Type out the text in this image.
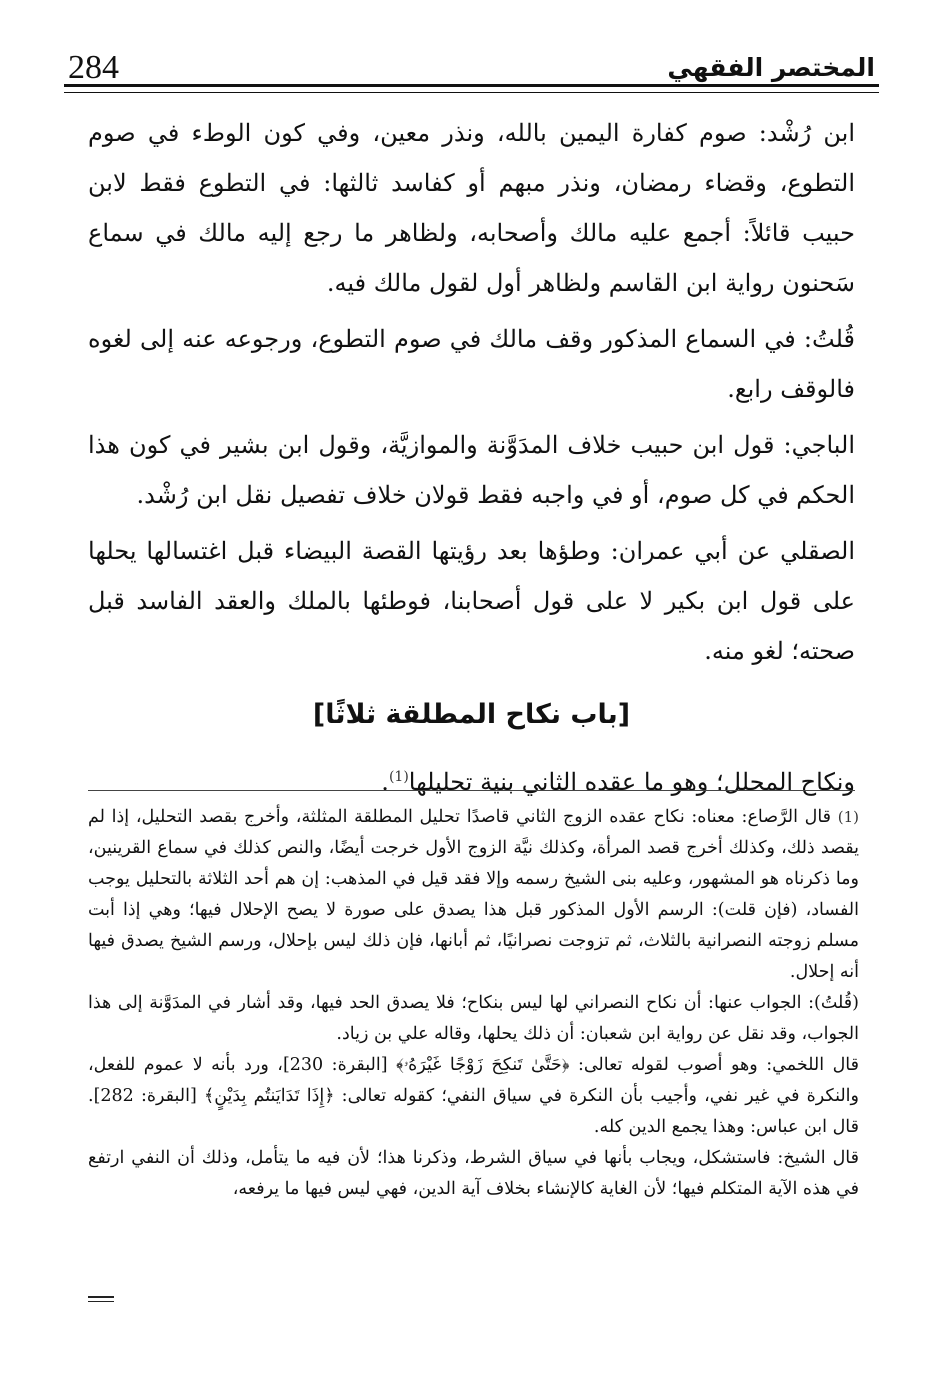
284	المختصر الفقهي

ابن رُشْد: صوم كفارة اليمين بالله، ونذر معين، وفي كون الوطء في صوم التطوع، وقضاء رمضان، ونذر مبهم أو كفاسد ثالثها: في التطوع فقط لابن حبيب قائلاً: أجمع عليه مالك وأصحابه، ولظاهر ما رجع إليه مالك في سماع سَحنون رواية ابن القاسم ولظاهر أول لقول مالك فيه.

قُلتُ: في السماع المذكور وقف مالك في صوم التطوع، ورجوعه عنه إلى لغوه فالوقف رابع.

الباجي: قول ابن حبيب خلاف المدَوَّنة والموازيَّة، وقول ابن بشير في كون هذا الحكم في كل صوم، أو في واجبه فقط قولان خلاف تفصيل نقل ابن رُشْد.

الصقلي عن أبي عمران: وطؤها بعد رؤيتها القصة البيضاء قبل اغتسالها يحلها على قول ابن بكير لا على قول أصحابنا، فوطئها بالملك والعقد الفاسد قبل صحته؛ لغو منه.

[باب نكاح المطلقة ثلاثًا]

ونكاح المحلل؛ وهو ما عقده الثاني بنية تحليلها$^{(1)}$.

(1) قال الرَّصاع: معناه: نكاح عقده الزوج الثاني قاصدًا تحليل المطلقة المثلثة، وأخرج بقصد التحليل، إذا لم يقصد ذلك، وكذلك أخرج قصد المرأة، وكذلك نيَّة الزوج الأول خرجت أيضًا، والنص كذلك في سماع القرينين، وما ذكرناه هو المشهور، وعليه بنى الشيخ رسمه وإلا فقد قيل في المذهب: إن هم أحد الثلاثة بالتحليل يوجب الفساد، (فإن قلت): الرسم الأول المذكور قبل هذا يصدق على صورة لا يصح الإحلال فيها؛ وهي إذا أبت مسلم زوجته النصرانية بالثلاث، ثم تزوجت نصرانيًا، ثم أبانها، فإن ذلك ليس بإحلال، ورسم الشيخ يصدق فيها أنه إحلال.

(قُلتُ): الجواب عنها: أن نكاح النصراني لها ليس بنكاح؛ فلا يصدق الحد فيها، وقد أشار في المدَوَّنة إلى هذا الجواب، وقد نقل عن رواية ابن شعبان: أن ذلك يحلها، وقاله علي بن زياد.

قال اللخمي: وهو أصوب لقوله تعالى: ﴿حَتَّىٰ تَنكِحَ زَوْجًا غَيْرَهُۥ﴾ [البقرة: 230]، ورد بأنه لا عموم للفعل، والنكرة في غير نفي، وأجيب بأن النكرة في سياق النفي؛ كقوله تعالى: ﴿إِذَا تَدَايَنتُم بِدَيْنٍ﴾ [البقرة: 282]. قال ابن عباس: وهذا يجمع الدين كله.

قال الشيخ: فاستشكل، ويجاب بأنها في سياق الشرط، وذكرنا هذا؛ لأن فيه ما يتأمل، وذلك أن النفي ارتفع في هذه الآية المتكلم فيها؛ لأن الغاية كالإنشاء بخلاف آية الدين، فهي ليس فيها ما يرفعه،
